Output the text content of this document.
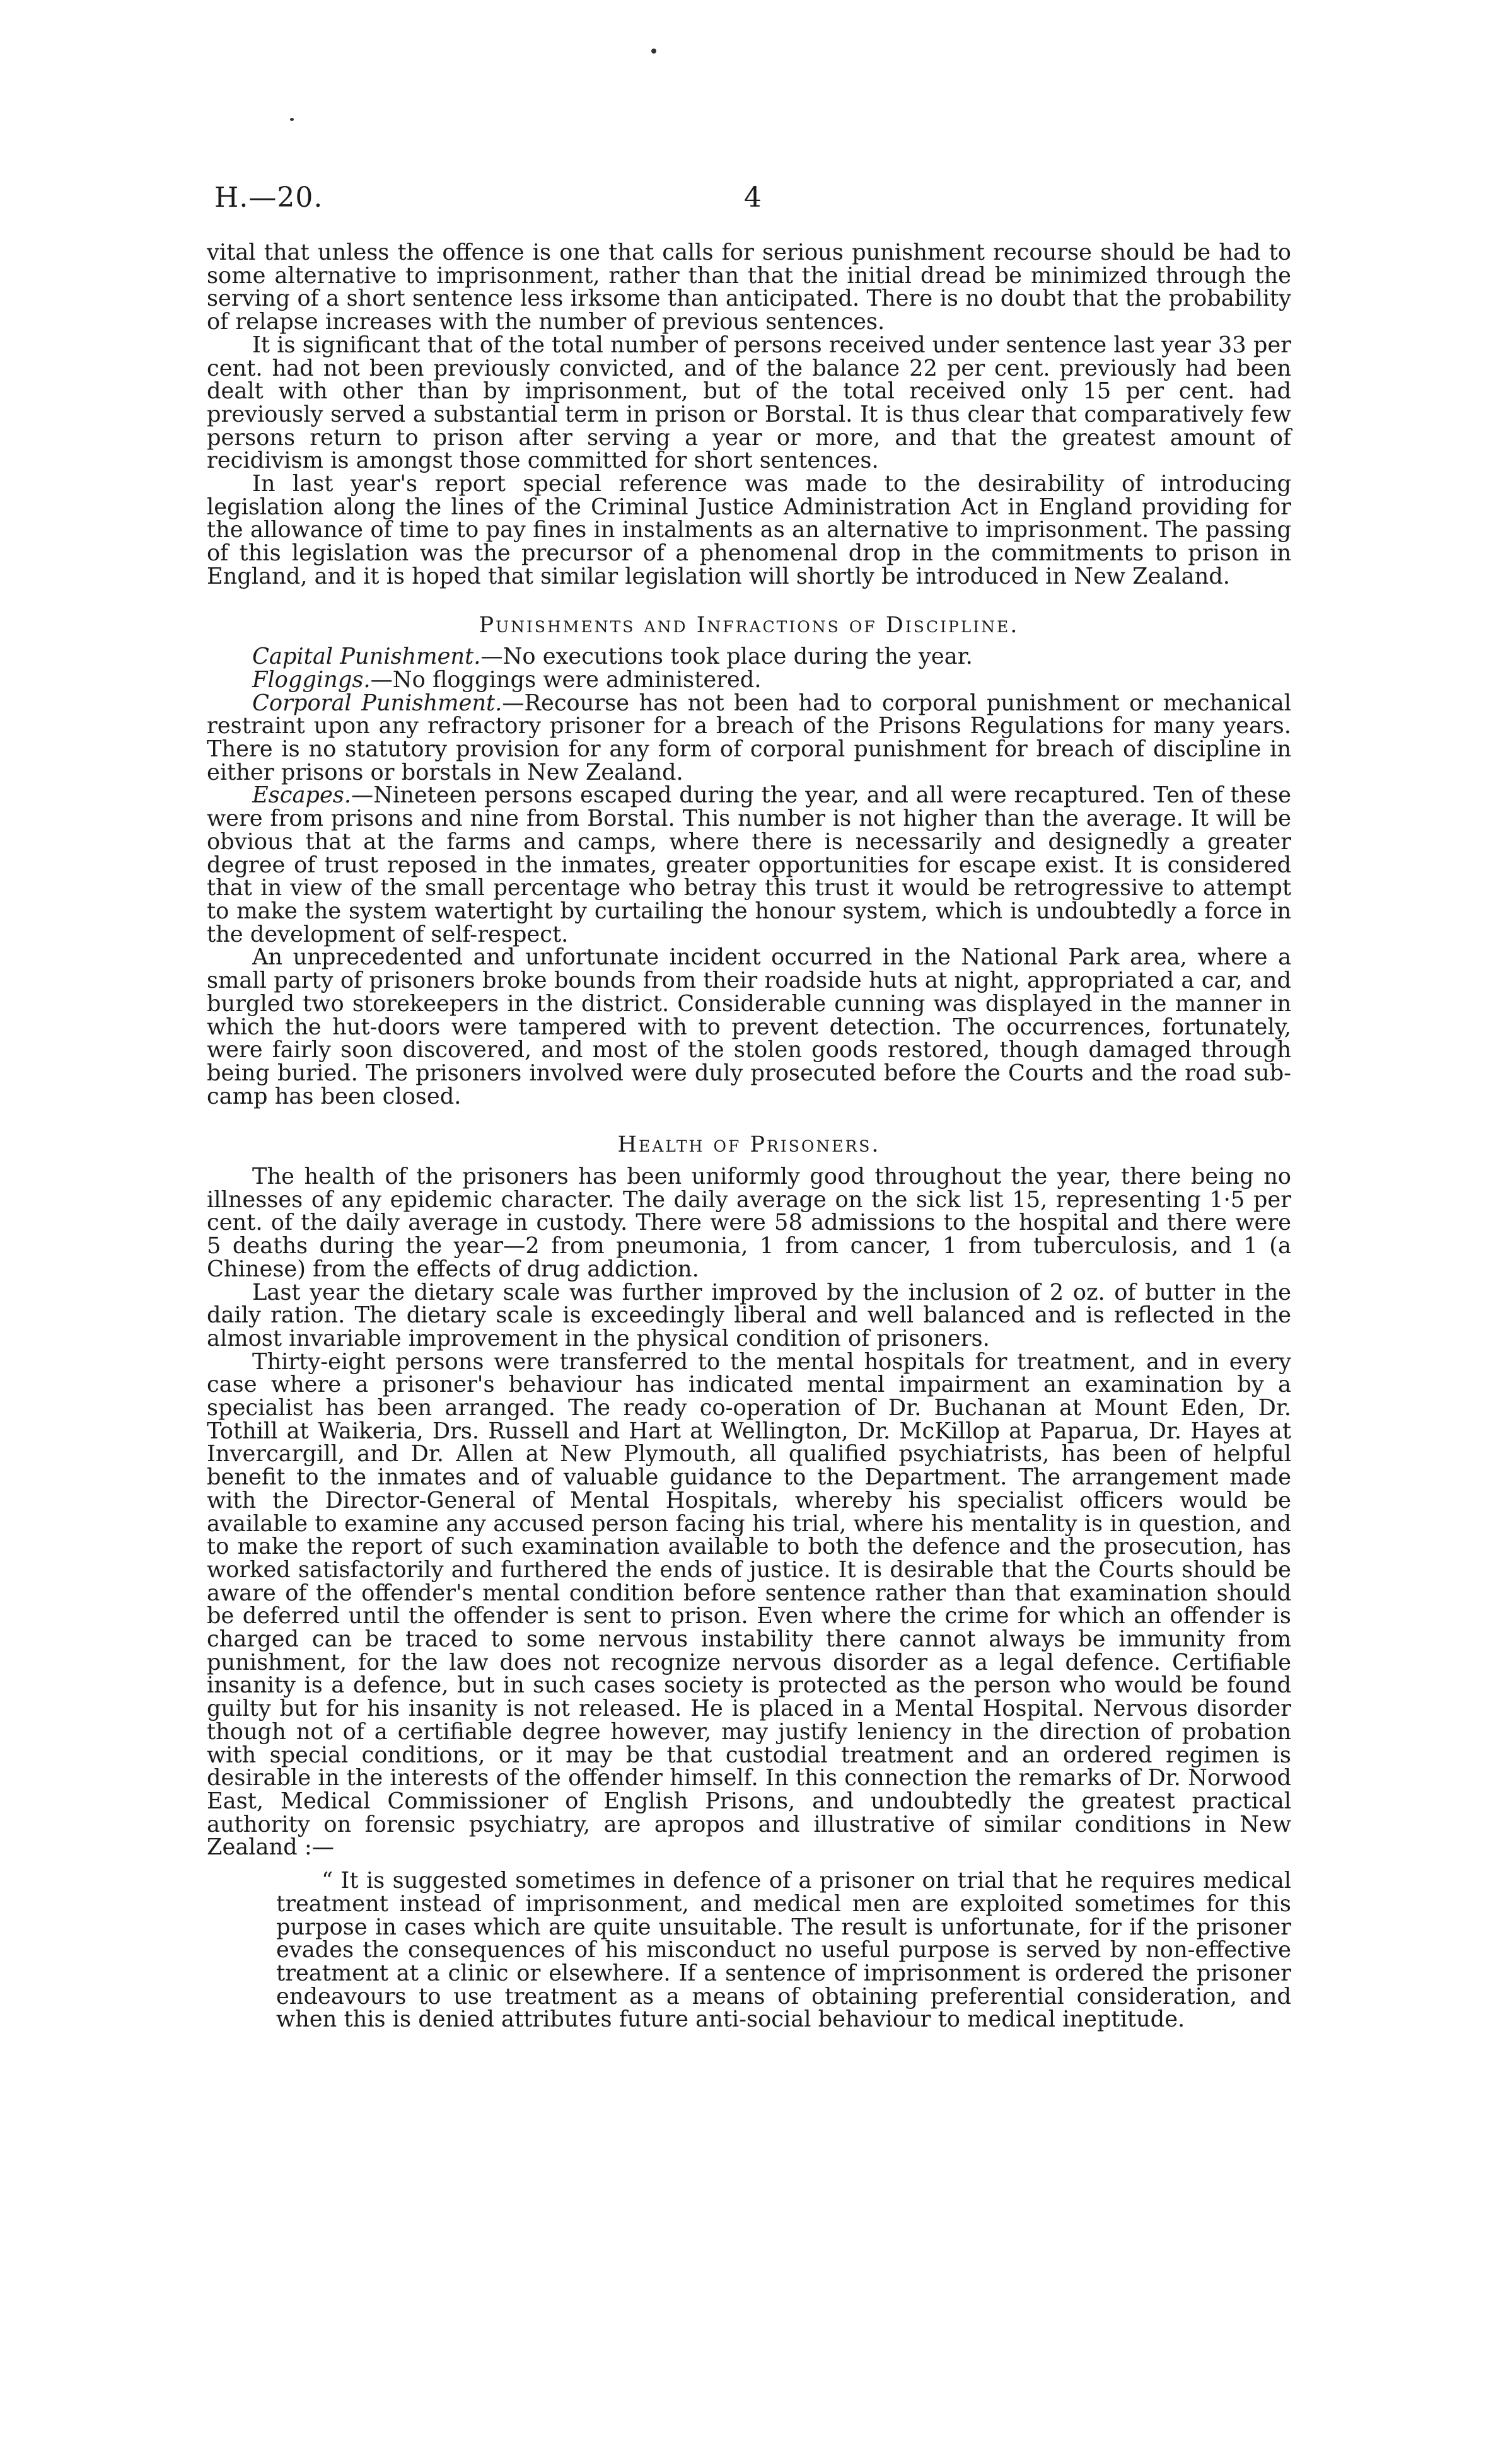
H.—20.	4

vital that unless the offence is one that calls for serious punishment recourse should be had to some alternative to imprisonment, rather than that the initial dread be minimized through the serving of a short sentence less irksome than anticipated. There is no doubt that the probability of relapse increases with the number of previous sentences.

It is significant that of the total number of persons received under sentence last year 33 per cent. had not been previously convicted, and of the balance 22 per cent. previously had been dealt with other than by imprisonment, but of the total received only 15 per cent. had previously served a substantial term in prison or Borstal. It is thus clear that comparatively few persons return to prison after serving a year or more, and that the greatest amount of recidivism is amongst those committed for short sentences.

In last year's report special reference was made to the desirability of introducing legislation along the lines of the Criminal Justice Administration Act in England providing for the allowance of time to pay fines in instalments as an alternative to imprisonment. The passing of this legislation was the precursor of a phenomenal drop in the commitments to prison in England, and it is hoped that similar legislation will shortly be introduced in New Zealand.

Punishments and Infractions of Discipline.

Capital Punishment.—No executions took place during the year.

Floggings.—No floggings were administered.

Corporal Punishment.—Recourse has not been had to corporal punishment or mechanical restraint upon any refractory prisoner for a breach of the Prisons Regulations for many years. There is no statutory provision for any form of corporal punishment for breach of discipline in either prisons or borstals in New Zealand.

Escapes.—Nineteen persons escaped during the year, and all were recaptured. Ten of these were from prisons and nine from Borstal. This number is not higher than the average. It will be obvious that at the farms and camps, where there is necessarily and designedly a greater degree of trust reposed in the inmates, greater opportunities for escape exist. It is considered that in view of the small percentage who betray this trust it would be retrogressive to attempt to make the system watertight by curtailing the honour system, which is undoubtedly a force in the development of self-respect.

An unprecedented and unfortunate incident occurred in the National Park area, where a small party of prisoners broke bounds from their roadside huts at night, appropriated a car, and burgled two storekeepers in the district. Considerable cunning was displayed in the manner in which the hut-doors were tampered with to prevent detection. The occurrences, fortunately, were fairly soon discovered, and most of the stolen goods restored, though damaged through being buried. The prisoners involved were duly prosecuted before the Courts and the road sub-camp has been closed.

Health of Prisoners.

The health of the prisoners has been uniformly good throughout the year, there being no illnesses of any epidemic character. The daily average on the sick list 15, representing 1·5 per cent. of the daily average in custody. There were 58 admissions to the hospital and there were 5 deaths during the year—2 from pneumonia, 1 from cancer, 1 from tuberculosis, and 1 (a Chinese) from the effects of drug addiction.

Last year the dietary scale was further improved by the inclusion of 2 oz. of butter in the daily ration. The dietary scale is exceedingly liberal and well balanced and is reflected in the almost invariable improvement in the physical condition of prisoners.

Thirty-eight persons were transferred to the mental hospitals for treatment, and in every case where a prisoner's behaviour has indicated mental impairment an examination by a specialist has been arranged. The ready co-operation of Dr. Buchanan at Mount Eden, Dr. Tothill at Waikeria, Drs. Russell and Hart at Wellington, Dr. McKillop at Paparua, Dr. Hayes at Invercargill, and Dr. Allen at New Plymouth, all qualified psychiatrists, has been of helpful benefit to the inmates and of valuable guidance to the Department. The arrangement made with the Director-General of Mental Hospitals, whereby his specialist officers would be available to examine any accused person facing his trial, where his mentality is in question, and to make the report of such examination available to both the defence and the prosecution, has worked satisfactorily and furthered the ends of justice. It is desirable that the Courts should be aware of the offender's mental condition before sentence rather than that examination should be deferred until the offender is sent to prison. Even where the crime for which an offender is charged can be traced to some nervous instability there cannot always be immunity from punishment, for the law does not recognize nervous disorder as a legal defence. Certifiable insanity is a defence, but in such cases society is protected as the person who would be found guilty but for his insanity is not released. He is placed in a Mental Hospital. Nervous disorder though not of a certifiable degree however, may justify leniency in the direction of probation with special conditions, or it may be that custodial treatment and an ordered regimen is desirable in the interests of the offender himself. In this connection the remarks of Dr. Norwood East, Medical Commissioner of English Prisons, and undoubtedly the greatest practical authority on forensic psychiatry, are apropos and illustrative of similar conditions in New Zealand :—

“ It is suggested sometimes in defence of a prisoner on trial that he requires medical treatment instead of imprisonment, and medical men are exploited sometimes for this purpose in cases which are quite unsuitable. The result is unfortunate, for if the prisoner evades the consequences of his misconduct no useful purpose is served by non-effective treatment at a clinic or elsewhere. If a sentence of imprisonment is ordered the prisoner endeavours to use treatment as a means of obtaining preferential consideration, and when this is denied attributes future anti-social behaviour to medical ineptitude.
